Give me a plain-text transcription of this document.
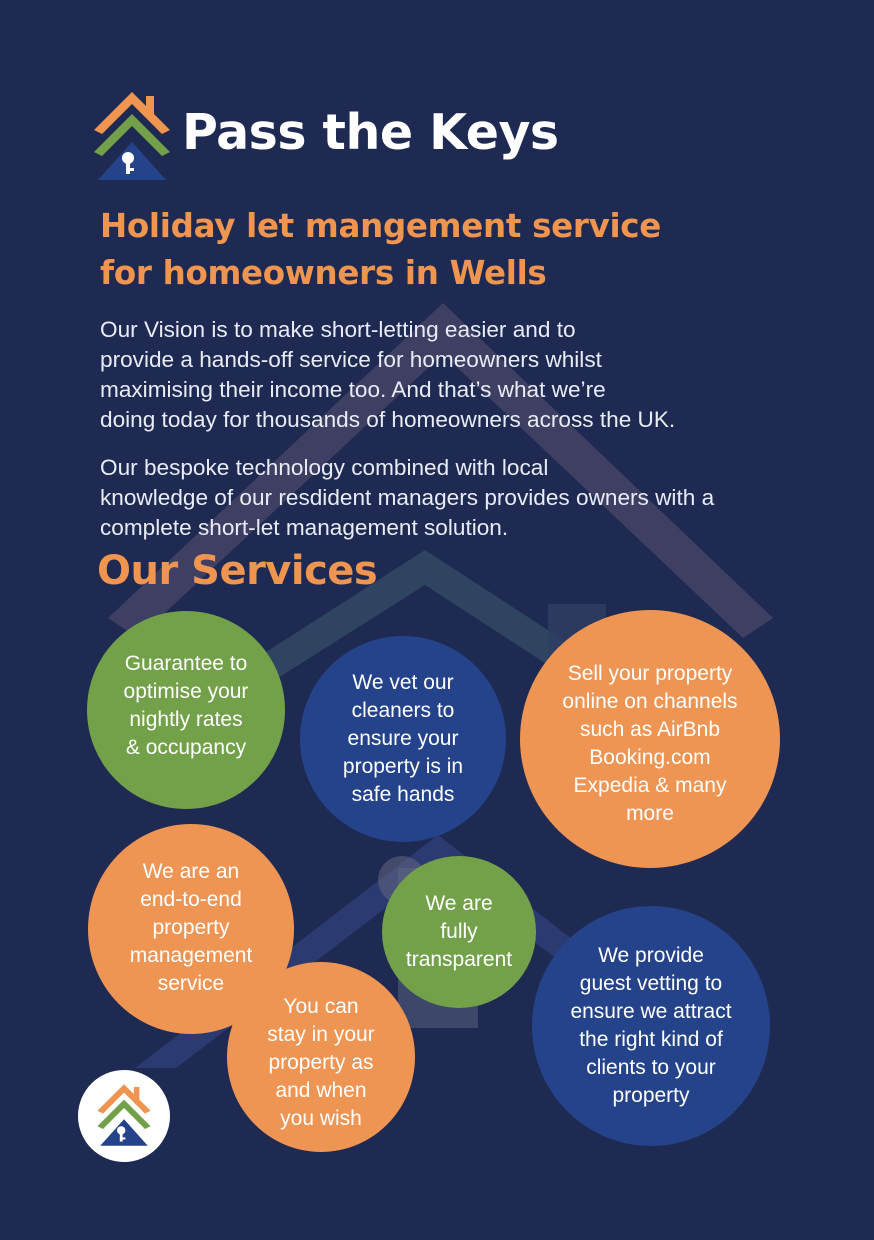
Pass the Keys
Holiday let mangement service
for homeowners in Wells

Our Vision is to make short-letting easier and to
provide a hands-off service for homeowners whilst
maximising their income too. And that’s what we’re
doing today for thousands of homeowners across the UK.

Our bespoke technology combined with local
knowledge of our resdident managers provides owners with a
complete short-let management solution.

Our Services
Guarantee to
optimise your
nightly rates
& occupancy
We vet our
cleaners to
ensure your
property is in
safe hands
Sell your property
online on channels
such as AirBnb
Booking.com
Expedia & many
more
We are an
end-to-end
property
management
service
We are
fully
transparent	We provide
guest vetting to
ensure we attract
the right kind of
clients to your
property
You can
stay in your
property as
and when
you wish
